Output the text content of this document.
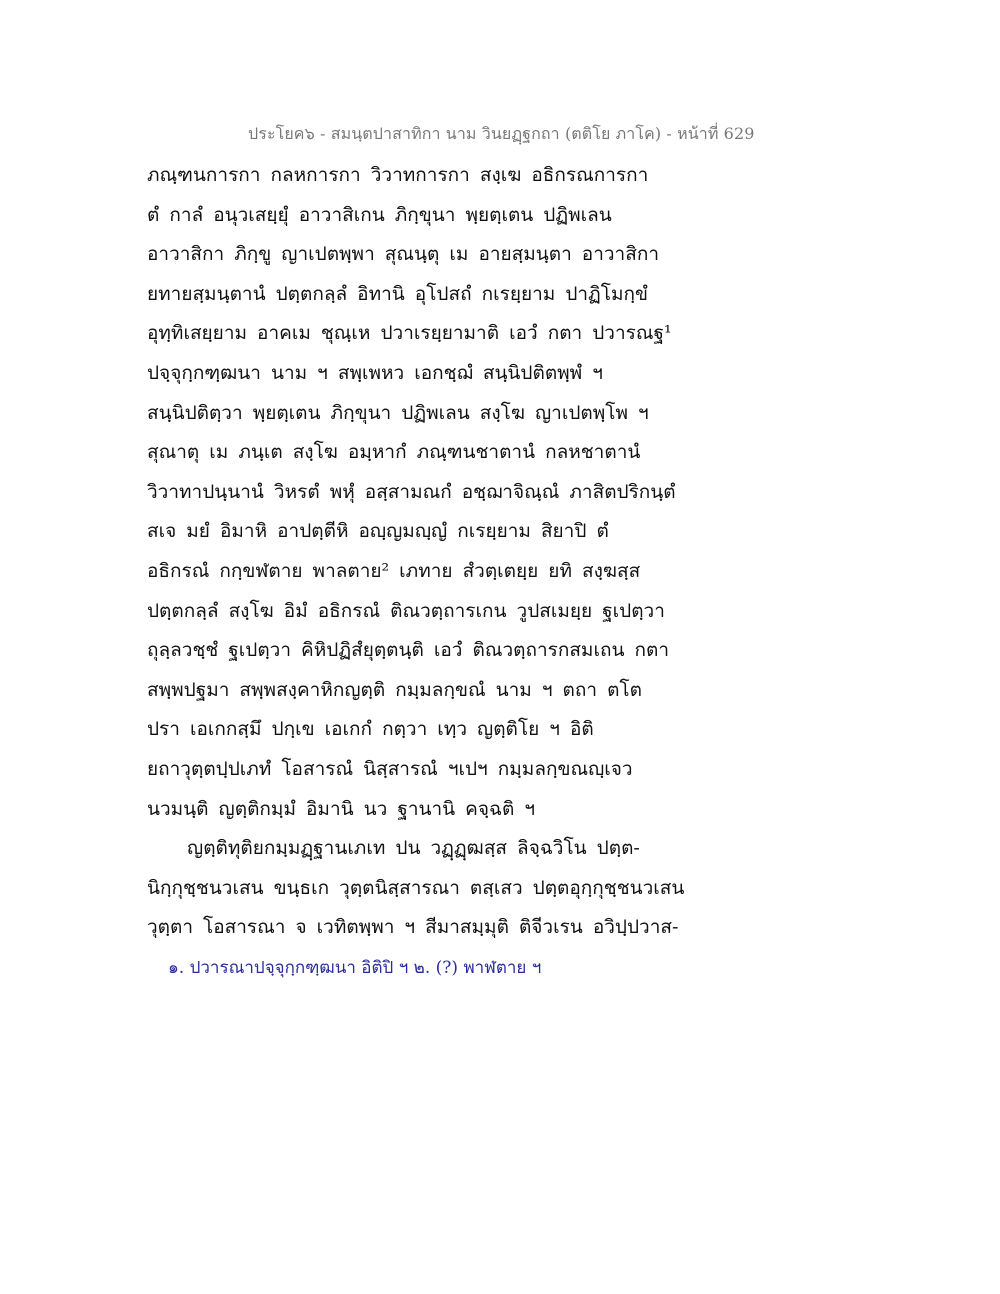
ประโยค๖ - สมนฺตปาสาทิกา นาม วินยฏฺฐกถา (ตติโย ภาโค) - หน้าที่ 629
ภณฺฑนการกา กลหการกา วิวาทการกา สงฺเฆ อธิกรณการกา
ตํ กาลํ อนุวเสยฺยุํ อาวาสิเกน ภิกฺขุนา พฺยตฺเตน ปฏิพเลน
อาวาสิกา ภิกฺขู ญาเปตพฺพา สุณนฺตุ เม อายสฺมนฺตา อาวาสิกา
ยทายสฺมนฺตานํ ปตฺตกลฺลํ อิทานิ อุโปสถํ กเรยฺยาม ปาฏิโมกฺขํ
อุทฺทิเสยฺยาม อาคเม ชุณฺเห ปวาเรยฺยามาติ เอวํ กตา ปวารณฐ¹
ปจฺจุกฺกฑฺฒนา นาม ฯ สพฺเพหว เอกชฺฌํ สนฺนิปติตพฺพํ ฯ
สนฺนิปติตฺวา พฺยตฺเตน ภิกฺขุนา ปฏิพเลน สงฺโฆ ญาเปตพฺโพ ฯ
สุณาตุ เม ภนฺเต สงฺโฆ อมฺหากํ ภณฺฑนชาตานํ กลหชาตานํ
วิวาทาปนฺนานํ วิหรตํ พหุํ อสฺสามณกํ อชฺฌาจิณฺณํ ภาสิตปริกนฺตํ
สเจ มยํ อิมาหิ อาปตฺตีหิ อญฺญมญฺญํ กเรยฺยาม สิยาปิ ตํ
อธิกรณํ กกฺขฬตาย พาลตาย² เภทาย สํวตฺเตยฺย ยทิ สงฺฆสฺส
ปตฺตกลฺลํ สงฺโฆ อิมํ อธิกรณํ ติณวตฺถารเกน วูปสเมยฺย ฐเปตฺวา
ถุลฺลวชฺชํ ฐเปตฺวา คิหิปฏิสํยุตฺตนฺติ เอวํ ติณวตฺถารกสมเถน กตา
สพฺพปฐมา สพฺพสงฺคาหิกญตฺติ กมฺมลกฺขณํ นาม ฯ ตถา ตโต
ปรา เอเกกสฺมึ ปกฺเข เอเกกํ กตฺวา เทฺว ญตฺติโย ฯ อิติ
ยถาวุตฺตปฺปเภทํ โอสารณํ นิสฺสารณํ ฯเปฯ กมฺมลกฺขณญฺเจว
นวมนฺติ ญตฺติกมฺมํ อิมานิ นว ฐานานิ คจฺฉติ ฯ
ญตฺติทุติยกมฺมฏฺฐานเภเท ปน วฏฺฏฺฒสฺส ลิจฺฉวิโน ปตฺต-
นิกฺกุชฺชนวเสน ขนฺธเก วุตฺตนิสฺสารณา ตสฺเสว ปตฺตอุกฺกุชฺชนวเสน
วุตฺตา โอสารณา จ เวทิตพฺพา ฯ สีมาสมฺมุติ ติจีวเรน อวิปฺปวาส-
๑. ปวารณาปจฺจุกฺกฑฺฒนา อิติปิ ฯ ๒. (?) พาฬตาย ฯ
